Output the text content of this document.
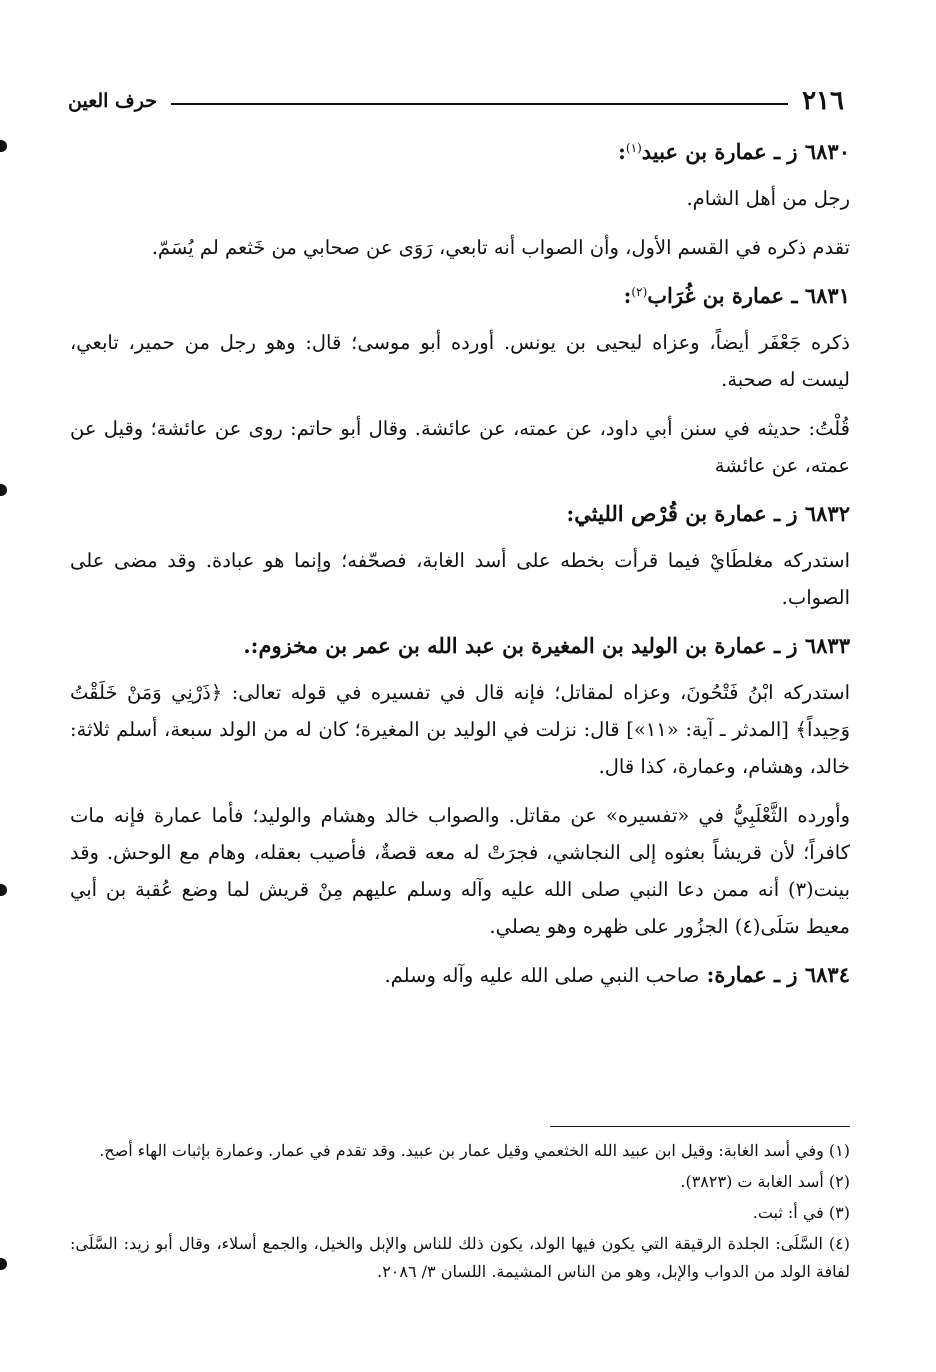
٢١٦
حرف العين
٦٨٣٠ ز ـ عمارة بن عبيد$^{(١)}$:

رجل من أهل الشام.

تقدم ذكره في القسم الأول، وأن الصواب أنه تابعي، رَوَى عن صحابي من خَثعم لم يُسَمّ.

٦٨٣١ ـ عمارة بن غُرَاب$^{(٢)}$:

ذكره جَعْفَر أيضاً، وعزاه ليحيى بن يونس. أورده أبو موسى؛ قال: وهو رجل من حمير، تابعي، ليست له صحبة.

قُلْتُ: حديثه في سنن أبي داود، عن عمته، عن عائشة. وقال أبو حاتم: روى عن عائشة؛ وقيل عن عمته، عن عائشة

٦٨٣٢ ز ـ عمارة بن قُرْص الليثي:

استدركه مغلطَايْ فيما قرأت بخطه على أسد الغابة، فصحّفه؛ وإنما هو عبادة. وقد مضى على الصواب.

٦٨٣٣ ز ـ عمارة بن الوليد بن المغيرة بن عبد الله بن عمر بن مخزوم:.

استدركه ابْنُ فَتْحُونَ، وعزاه لمقاتل؛ فإنه قال في تفسيره في قوله تعالى: ﴿ذَرْنِي وَمَنْ خَلَقْتُ وَحِيداً﴾ [المدثر ـ آية: «١١»] قال: نزلت في الوليد بن المغيرة؛ كان له من الولد سبعة، أسلم ثلاثة: خالد، وهشام، وعمارة، كذا قال.

وأورده الثَّعْلَبِيُّ في «تفسيره» عن مقاتل. والصواب خالد وهشام والوليد؛ فأما عمارة فإنه مات كافراً؛ لأن قريشاً بعثوه إلى النجاشي، فجرَتْ له معه قصةٌ، فأصيب بعقله، وهام مع الوحش. وقد بينت(٣) أنه ممن دعا النبي صلى الله عليه وآله وسلم عليهم مِنْ قريش لما وضع عُقبة بن أبي معيط سَلَى(٤) الجزُور على ظهره وهو يصلي.

٦٨٣٤ ز ـ عمارة: صاحب النبي صلى الله عليه وآله وسلم.

(١) وفي أسد الغابة: وقيل ابن عبيد الله الخثعمي وقيل عمار بن عبيد. وقد تقدم في عمار. وعمارة بإثبات الهاء أصح.

(٢) أسد الغابة ت (٣٨٢٣).

(٣) في أ: ثبت.

(٤) السَّلَى: الجلدة الرقيقة التي يكون فيها الولد، يكون ذلك للناس والإبل والخيل، والجمع أسلاء، وقال أبو زيد: السَّلَى: لفافة الولد من الدواب والإبل، وهو من الناس المشيمة. اللسان ٣/ ٢٠٨٦.
